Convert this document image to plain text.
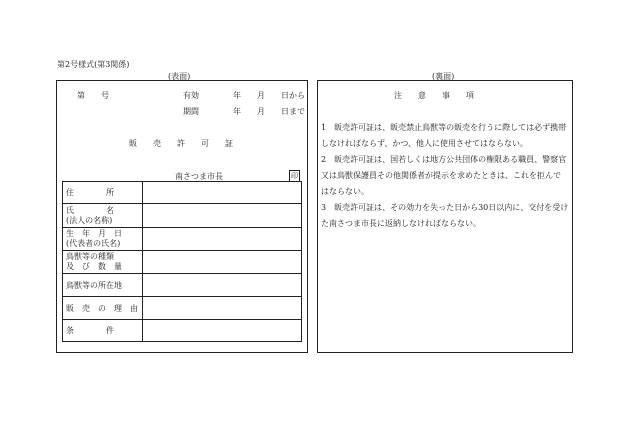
第2号様式(第3関係)
(表面)	(裏面)
第　　号	有効	年　　月　　日から
期間	年　　月　　日まで
販　　売　　許　　可　　証
南さつま市長	印
住　　　　所	

氏　　　　名
(法人の名称)	

生　年　月　日
(代表者の氏名)	

鳥獣等の種類
及　び　数　量	

鳥獣等の所在地	
販　売　の　理　由	
条　　　　件	
注　　意　　事　　項
1　販売許可証は、販売禁止鳥獣等の販売を行うに際しては必ず携帯
しなければならず、かつ、他人に使用させてはならない。
2　販売許可証は、国若しくは地方公共団体の権限ある職員、警察官
又は鳥獣保護員その他関係者が提示を求めたときは、これを拒んで
はならない。
3　販売許可証は、その効力を失った日から30日以内に、交付を受け
た南さつま市長に返納しなければならない。
